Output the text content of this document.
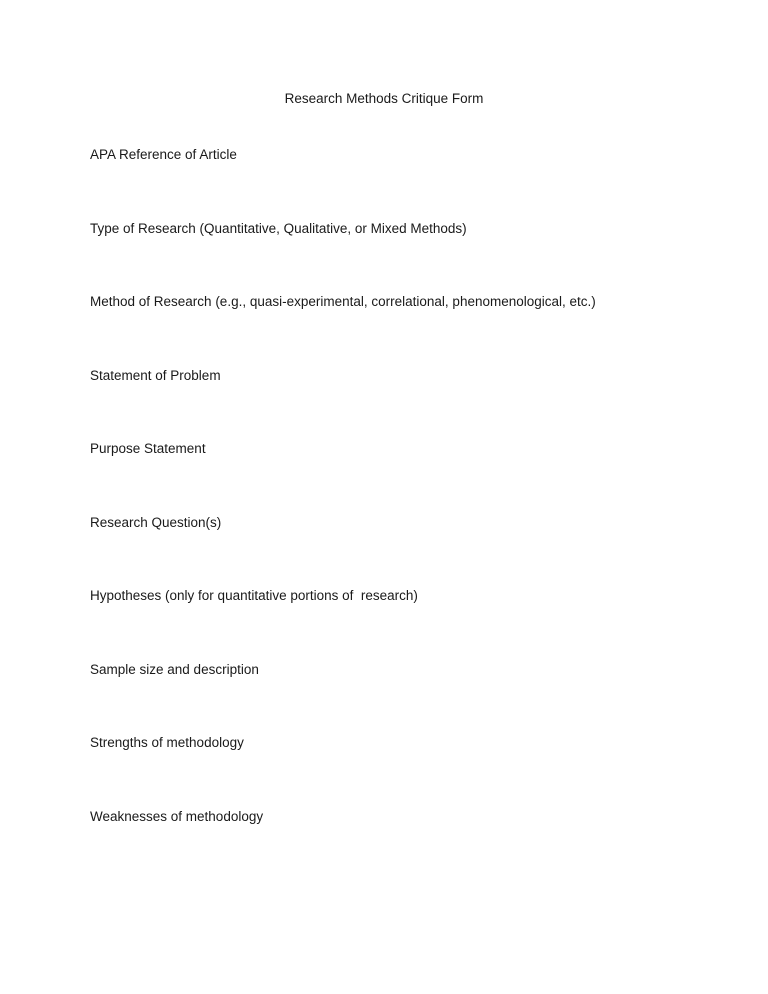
Research Methods Critique Form

APA Reference of Article

Type of Research (Quantitative, Qualitative, or Mixed Methods)

Method of Research (e.g., quasi-experimental, correlational, phenomenological, etc.)

Statement of Problem

Purpose Statement

Research Question(s)

Hypotheses (only for quantitative portions of  research)

Sample size and description

Strengths of methodology

Weaknesses of methodology
